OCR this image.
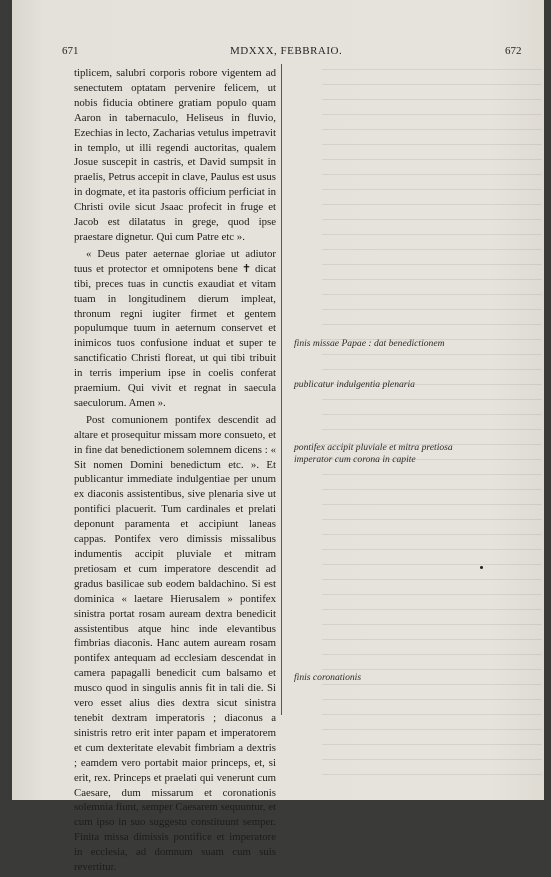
671	MDXXX, FEBBRAIO.	672

tiplicem, salubri corporis robore vigentem ad senectutem optatam pervenire felicem, ut nobis fiducia obtinere gratiam populo quam Aaron in tabernaculo, Heliseus in fluvio, Ezechias in lecto, Zacharias vetulus impetravit in templo, ut illi regendi auctoritas, qualem Josue suscepit in castris, et David sumpsit in praelis, Petrus accepit in clave, Paulus est usus in dogmate, et ita pastoris officium perficiat in Christi ovile sicut Jsaac profecit in fruge et Jacob est dilatatus in grege, quod ipse praestare dignetur. Qui cum Patre etc ».

« Deus pater aeternae gloriae ut adiutor tuus et protector et omnipotens bene ✝ dicat tibi, preces tuas in cunctis exaudiat et vitam tuam in longitudinem dierum impleat, thronum regni iugiter firmet et gentem populumque tuum in aeternum conservet et inimicos tuos confusione induat et super te sanctificatio Christi floreat, ut qui tibi tribuit in terris imperium ipse in coelis conferat praemium. Qui vivit et regnat in saecula saeculorum. Amen ».

Post comunionem pontifex descendit ad altare et prosequitur missam more consueto, et in fine dat benedictionem solemnem dicens : « Sit nomen Domini benedictum etc. ». Et publicantur immediate indulgentiae per unum ex diaconis assistentibus, sive plenaria sive ut pontifici placuerit. Tum cardinales et prelati deponunt paramenta et accipiunt laneas cappas. Pontifex vero dimissis missalibus indumentis accipit pluviale et mitram pretiosam et cum imperatore descendit ad gradus basilicae sub eodem baldachino. Si est dominica « laetare Hierusalem » pontifex sinistra portat rosam auream dextra benedicit assistentibus atque hinc inde elevantibus fimbrias diaconis. Hanc autem auream rosam pontifex antequam ad ecclesiam descendat in camera papagalli benedicit cum balsamo et musco quod in singulis annis fit in tali die. Si vero esset alius dies dextra sicut sinistra tenebit dextram imperatoris ; diaconus a sinistris retro erit inter papam et imperatorem et cum dexteritate elevabit fimbriam a dextris ; eamdem vero portabit maior princeps, et, si erit, rex. Princeps et praelati qui venerunt cum Caesare, dum missarum et coronationis solemnia fiunt, semper Caesarem sequuntur, et cum ipso in suo suggestu constituunt semper. Finita missa dimissis pontifice et imperatore in ecclesia, ad domnum suam cum suis revertitur.

finis missae Papae : dat benedictionem
publicatur indulgentia plenaria
pontifex accipit pluviale et mitra pretiosa
imperator cum corona in capite
finis coronationis
